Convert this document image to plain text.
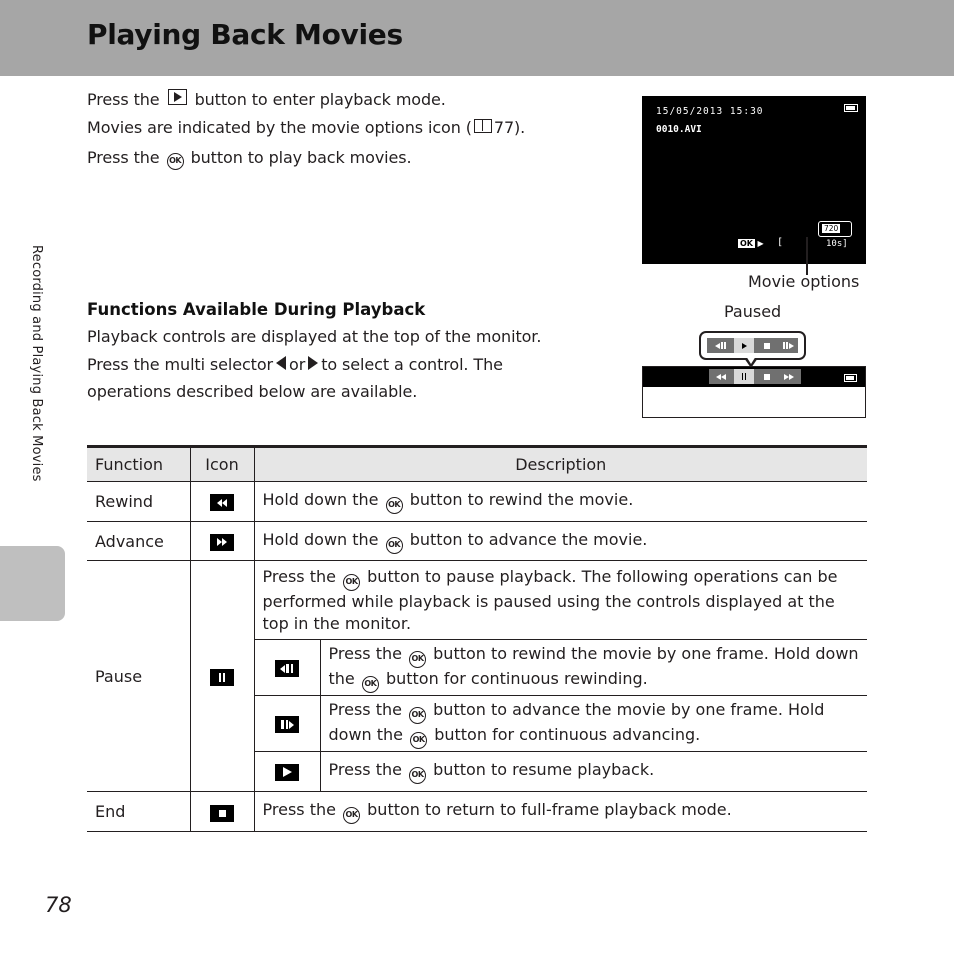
Playing Back Movies
Recording and Playing Back Movies
Press the button to enter playback mode.
Movies are indicated by the movie options icon ( 77).
Press the OK button to play back movies.
15/05/2013 15:30
0010.AVI
OK ▶ [	10s]
720
Movie options
Paused
Functions Available During Playback
Playback controls are displayed at the top of the monitor.
Press the multi selector or to select a control. The
operations described below are available.
Function	Icon	Description	
Rewind		Hold down the OK button to rewind the movie.	
Advance		Hold down the OK button to advance the movie.	
Pause		Press the OK button to pause playback. The following operations can be performed while playback is paused using the controls displayed at the top in the monitor.	

			Press the OK button to rewind the movie by one frame. Hold down the OK button for continuous rewinding.

			Press the OK button to advance the movie by one frame. Hold down the OK button for continuous advancing.

			Press the OK button to resume playback.
End		Press the OK button to return to full-frame playback mode.	
78
